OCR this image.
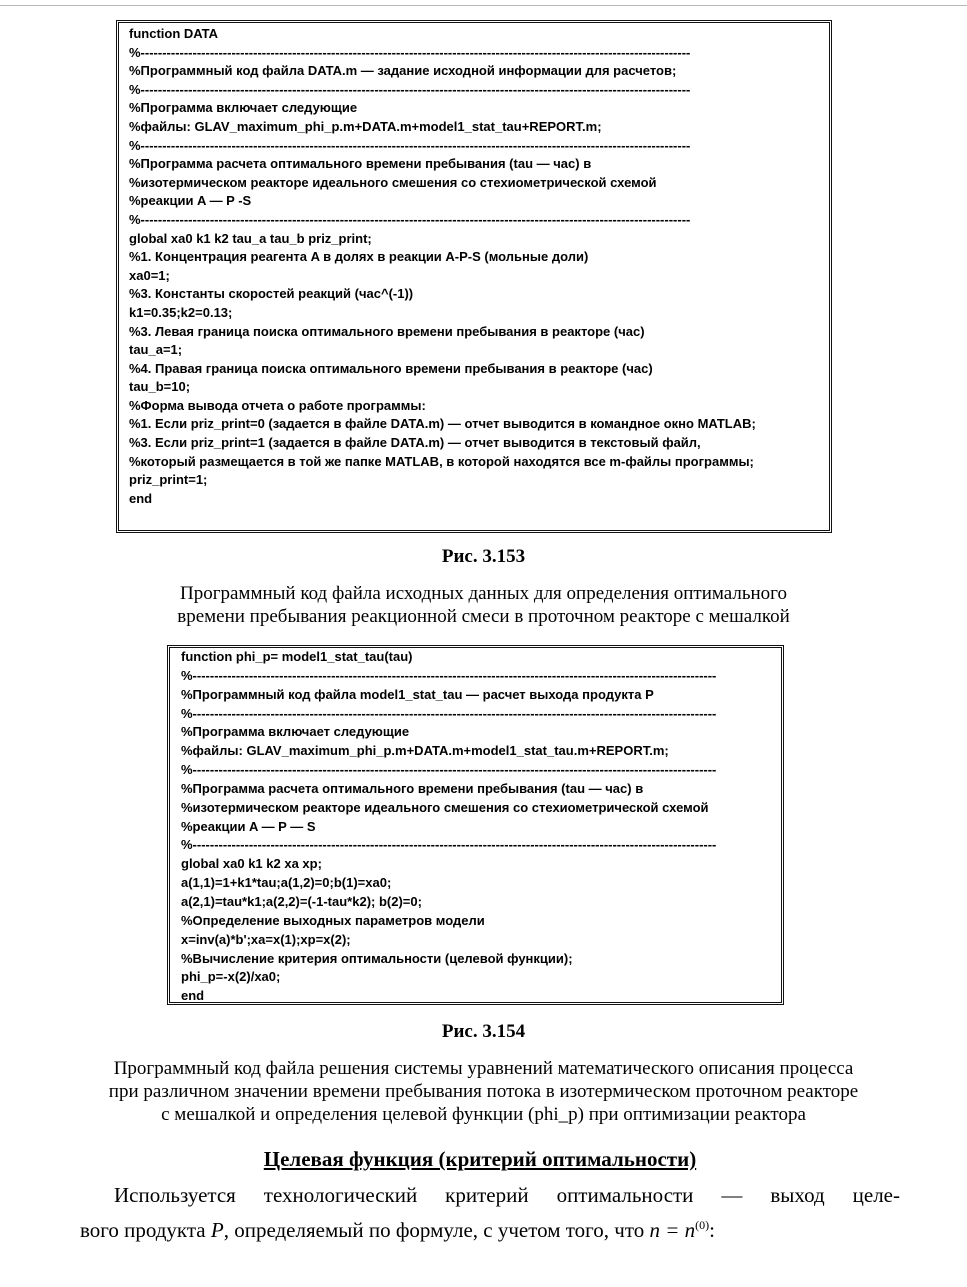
function DATA
%-------------------------------------------------------------------------------------------------------------------------------
%Программный код файла DATA.m — задание исходной информации для расчетов;
%-------------------------------------------------------------------------------------------------------------------------------
%Программа включает следующие
%файлы: GLAV_maximum_phi_p.m+DATA.m+model1_stat_tau+REPORT.m;
%-------------------------------------------------------------------------------------------------------------------------------
%Программа расчета оптимального времени пребывания (tau — час) в
%изотермическом реакторе идеального смешения со стехиометрической схемой
%реакции A — P -S
%-------------------------------------------------------------------------------------------------------------------------------
global xa0 k1 k2 tau_a tau_b priz_print;
%1. Концентрация реагента A в долях в реакции A-P-S (мольные доли)
xa0=1;
%3. Константы скоростей реакций (час^(-1))
k1=0.35;k2=0.13;
%3. Левая граница поиска оптимального времени пребывания в реакторе (час)
tau_a=1;
%4. Правая граница поиска оптимального времени пребывания в реакторе (час)
tau_b=10;
%Форма вывода отчета о работе программы:
%1. Если priz_print=0 (задается в файле DATA.m) — отчет выводится в командное окно MATLAB;
%3. Если priz_print=1 (задается в файле DATA.m) — отчет выводится в текстовый файл,
%который размещается в той же папке MATLAB, в которой находятся все m-файлы программы;
priz_print=1;
end
Рис. 3.153
Программный код файла исходных данных для определения оптимального
времени пребывания реакционной смеси в проточном реакторе с мешалкой
function phi_p= model1_stat_tau(tau)
%-------------------------------------------------------------------------------------------------------------------------
%Программный код файла model1_stat_tau — расчет выхода продукта P
%-------------------------------------------------------------------------------------------------------------------------
%Программа включает следующие
%файлы: GLAV_maximum_phi_p.m+DATA.m+model1_stat_tau.m+REPORT.m;
%-------------------------------------------------------------------------------------------------------------------------
%Программа расчета оптимального времени пребывания (tau — час) в
%изотермическом реакторе идеального смешения со стехиометрической схемой
%реакции A — P — S
%-------------------------------------------------------------------------------------------------------------------------
global xa0 k1 k2 xa xp;
a(1,1)=1+k1*tau;a(1,2)=0;b(1)=xa0;
a(2,1)=tau*k1;a(2,2)=(-1-tau*k2); b(2)=0;
%Определение выходных параметров модели
x=inv(a)*b';xa=x(1);xp=x(2);
%Вычисление критерия оптимальности (целевой функции);
phi_p=-x(2)/xa0;
end
Рис. 3.154
Программный код файла решения системы уравнений математического описания процесса
при различном значении времени пребывания потока в изотермическом проточном реакторе
с мешалкой и определения целевой функции (phi_p) при оптимизации реактора
Целевая функция (критерий оптимальности)
Используется технологический критерий оптимальности — выход целе-
вого продукта P, определяемый по формуле, с учетом того, что $n = n^{(0)}$:
